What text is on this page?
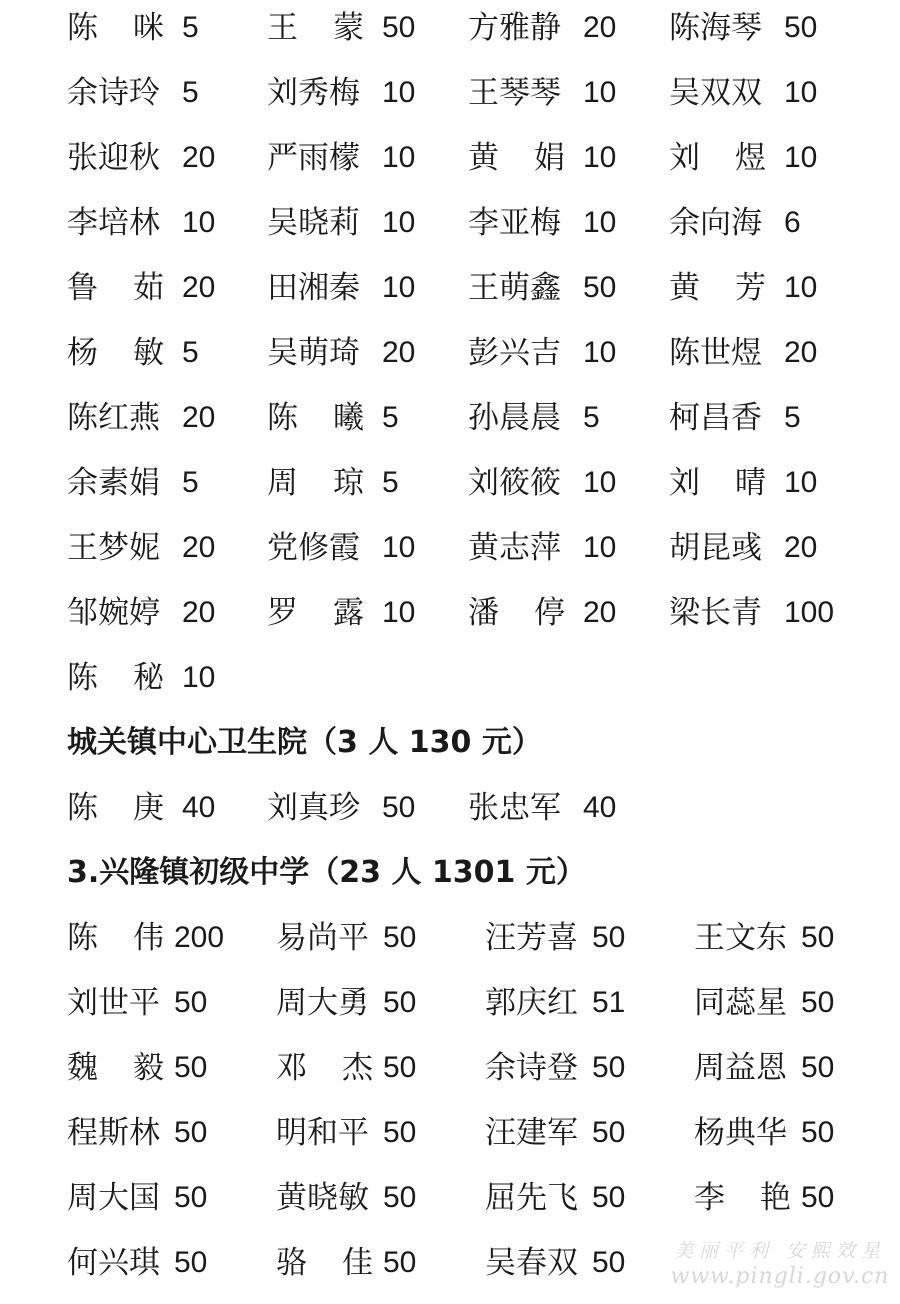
陈 咪 5 王 蒙 50 方雅静 20 陈海琴 50
余诗玲 5 刘秀梅 10 王琴琴 10 吴双双 10
张迎秋 20 严雨檬 10 黄 娟 10 刘 煜 10
李培林 10 吴晓莉 10 李亚梅 10 余向海 6
鲁 茹 20 田湘秦 10 王萌鑫 50 黄 芳 10
杨 敏 5 吴萌琦 20 彭兴吉 10 陈世煜 20
陈红燕 20 陈 曦 5 孙晨晨 5 柯昌香 5
余素娟 5 周 琼 5 刘筱筱 10 刘 晴 10
王梦妮 20 党修霞 10 黄志萍 10 胡昆彧 20
邹婉婷 20 罗 露 10 潘 停 20 梁长青 100
陈 秘 10
城关镇中心卫生院（3 人 130 元）
陈 庚 40 刘真珍 50 张忠军 40
3.兴隆镇初级中学（23 人 1301 元）
陈 伟 200 易尚平 50 汪芳喜 50 王文东 50
刘世平 50 周大勇 50 郭庆红 51 同蕊星 50
魏 毅 50 邓 杰 50 余诗登 50 周益恩 50
程斯林 50 明和平 50 汪建军 50 杨典华 50
周大国 50 黄晓敏 50 屈先飞 50 李 艳 50
何兴琪 50 骆 佳 50 吴春双 50	美丽平利 安熙效星
www.pingli.gov.cn
